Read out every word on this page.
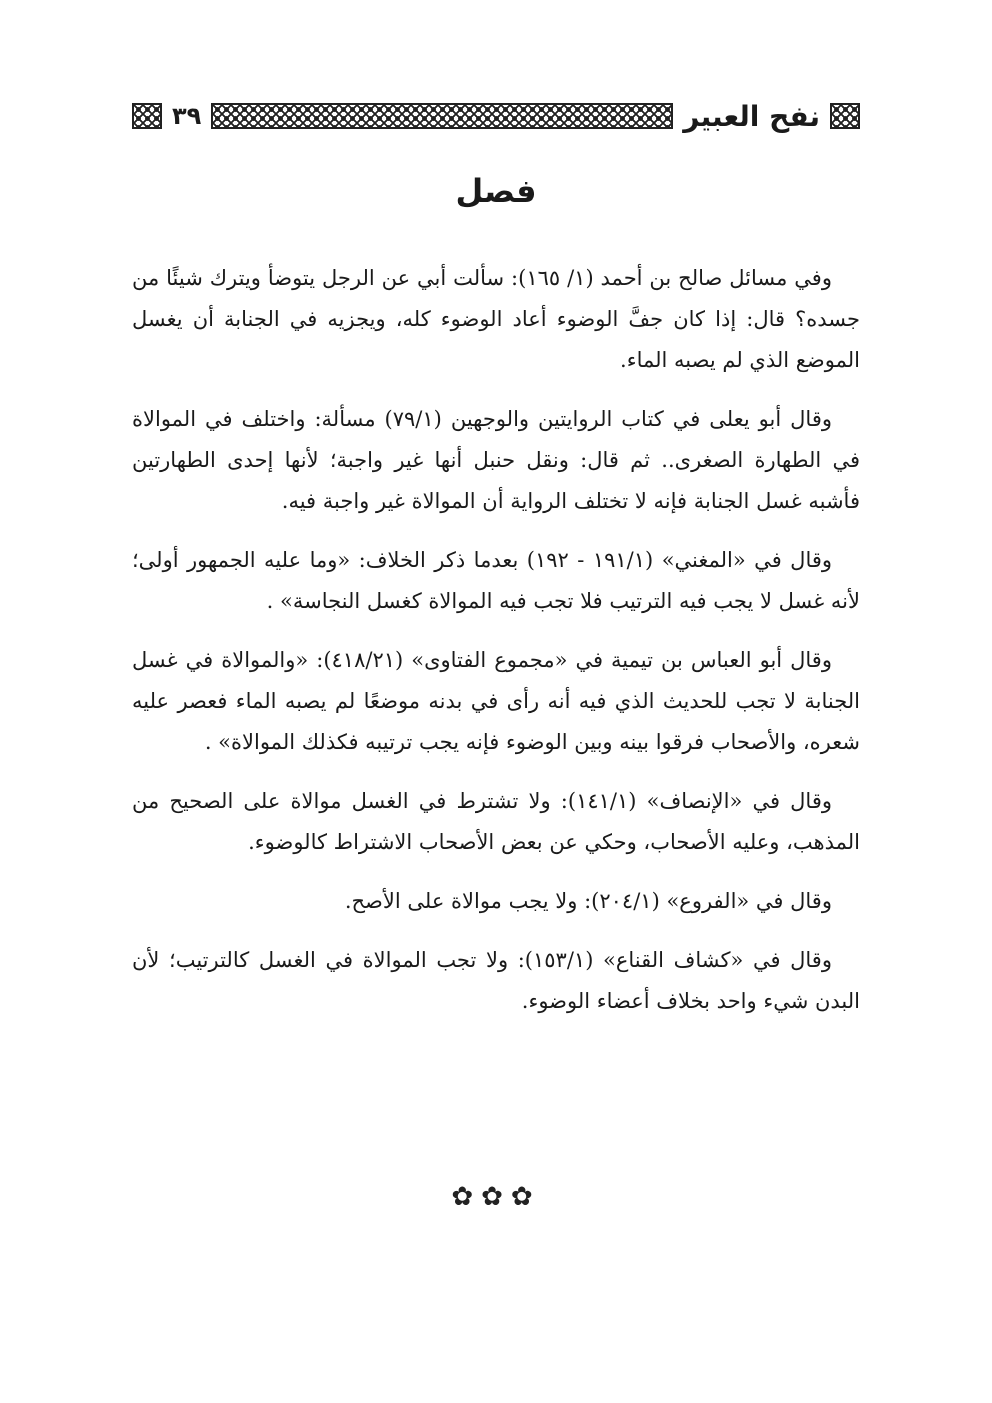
نفح العبير
٣٩
فصل

وفي مسائل صالح بن أحمد (١/ ١٦٥): سألت أبي عن الرجل يتوضأ ويترك شيئًا من جسده؟ قال: إذا كان جفَّ الوضوء أعاد الوضوء كله، ويجزيه في الجنابة أن يغسل الموضع الذي لم يصبه الماء.

وقال أبو يعلى في كتاب الروايتين والوجهين (٧٩/١) مسألة: واختلف في الموالاة في الطهارة الصغرى.. ثم قال: ونقل حنبل أنها غير واجبة؛ لأنها إحدى الطهارتين فأشبه غسل الجنابة فإنه لا تختلف الرواية أن الموالاة غير واجبة فيه.

وقال في «المغني» (١٩١/١ - ١٩٢) بعدما ذكر الخلاف: «وما عليه الجمهور أولى؛ لأنه غسل لا يجب فيه الترتيب فلا تجب فيه الموالاة كغسل النجاسة» .

وقال أبو العباس بن تيمية في «مجموع الفتاوى» (٤١٨/٢١): «والموالاة في غسل الجنابة لا تجب للحديث الذي فيه أنه رأى في بدنه موضعًا لم يصبه الماء فعصر عليه شعره، والأصحاب فرقوا بينه وبين الوضوء فإنه يجب ترتيبه فكذلك الموالاة» .

وقال في «الإنصاف» (١٤١/١): ولا تشترط في الغسل موالاة على الصحيح من المذهب، وعليه الأصحاب، وحكي عن بعض الأصحاب الاشتراط كالوضوء.

وقال في «الفروع» (٢٠٤/١): ولا يجب موالاة على الأصح.

وقال في «كشاف القناع» (١٥٣/١): ولا تجب الموالاة في الغسل كالترتيب؛ لأن البدن شيء واحد بخلاف أعضاء الوضوء.

✿✿✿
